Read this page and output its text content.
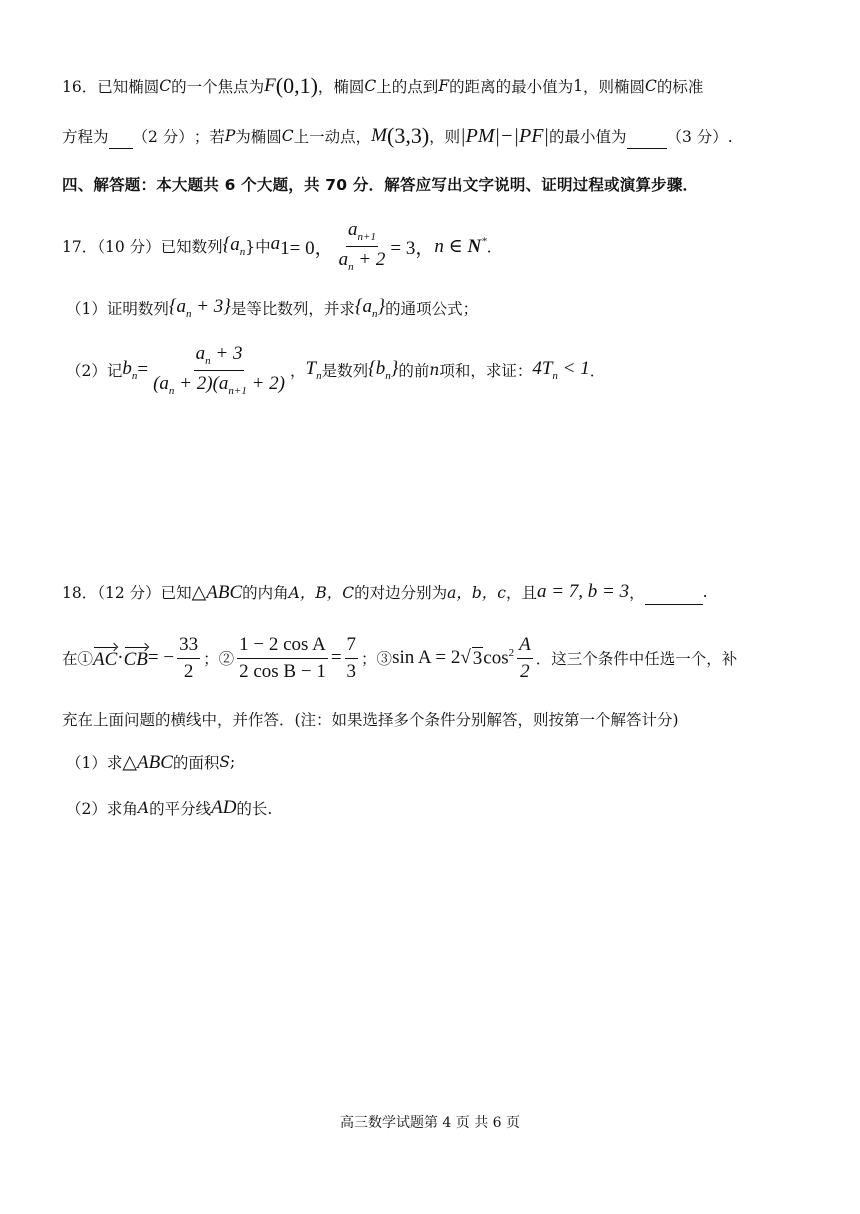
16． 已知椭圆 C 的一个焦点为 F (0,1) ，椭圆 C 上的点到 F 的距离的最小值为 1 ，则椭圆 C 的标准
方程为 （2 分） ；若 P 为椭圆 C 上一动点， M (3,3) ，则 |PM|−|PF| 的最小值为	（3 分）.
四、解答题：本大题共 6 个大题，共 70 分．解答应写出文字说明、证明过程或演算步骤．
17．（10 分）已知数列 {$a_n$ }中 $a_1 = 0$， $\frac{a_{n+1}}{a_n + 2} = 3$， n ∈ N* ．
（1）证明数列 $\{a_n + 3\}$ 是等比数列，并求 $\{a_n\}$ 的通项公式；
（2）记 $b_n = \frac{a_n + 3}{(a_n + 2)(a_{n+1} + 2)}$ ， $T_n$ 是数列 $\{b_n\}$ 的前 n 项和，求证： $4T_n < 1$ ．
18．（12 分）已知 △ABC 的内角 A，B，C 的对边分别为 a，b，c ，且 a = 7, b = 3 ，	.
在① AC · CB = − $\frac{33}{2}$ ；② $\frac{\text{1 − 2 cos A}}{\text{2 cos B − 1}} = \frac{7}{3}$ ；③ sin A = 2 √ 3 $\cos^2 \frac{A}{2}$ ．这三个条件中任选一个，补
充在上面问题的横线中，并作答．(注：如果选择多个条件分别解答，则按第一个解答计分)
（1）求 △ABC 的面积 S ;
（2）求角 A 的平分线 AD 的长.
高三数学试题第 4 页 共 6 页
